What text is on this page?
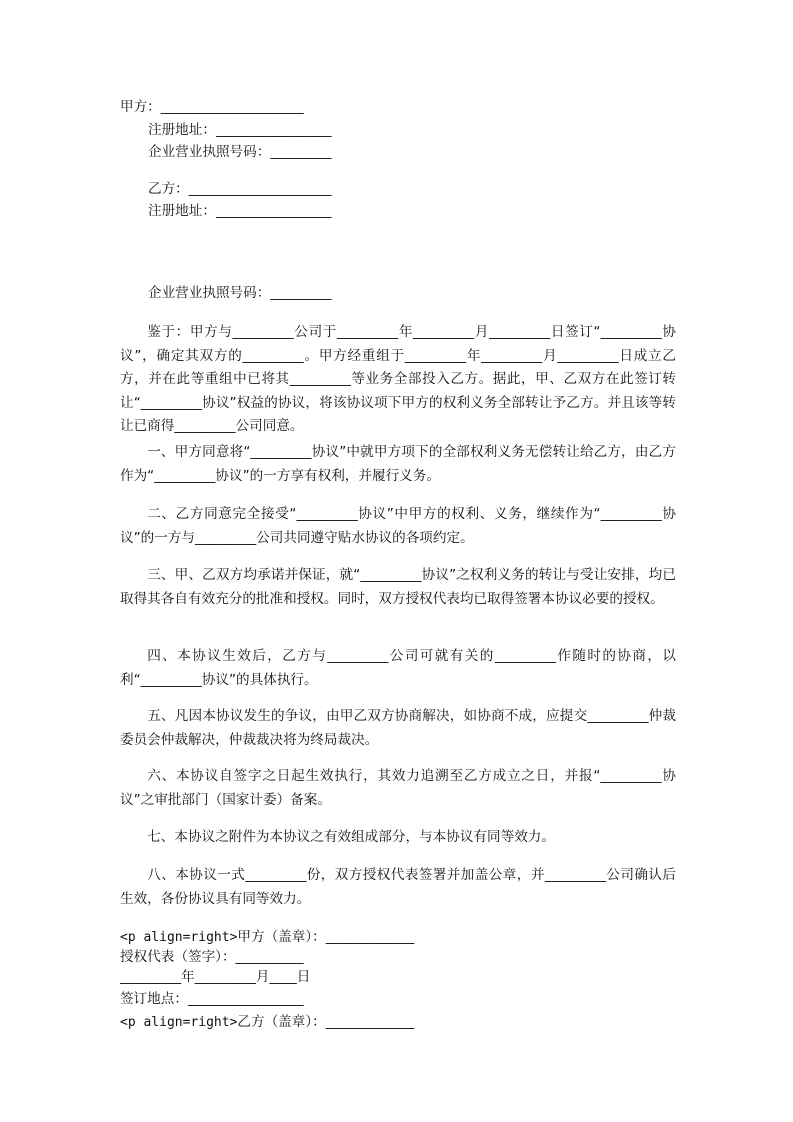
甲方：_____________________

注册地址：_________________

企业营业执照号码：_________

乙方：_____________________

注册地址：_________________

企业营业执照号码：_________

鉴于：甲方与_________公司于_________年_________月_________日签订“_________协议”，确定其双方的_________。甲方经重组于_________年_________月_________日成立乙方，并在此等重组中已将其_________等业务全部投入乙方。据此，甲、乙双方在此签订转让“_________协议”权益的协议，将该协议项下甲方的权利义务全部转让予乙方。并且该等转让已商得_________公司同意。

一、甲方同意将“_________协议”中就甲方项下的全部权利义务无偿转让给乙方，由乙方作为“_________协议”的一方享有权利，并履行义务。

二、乙方同意完全接受“_________协议”中甲方的权利、义务，继续作为“_________协议”的一方与_________公司共同遵守贴水协议的各项约定。

三、甲、乙双方均承诺并保证，就“_________协议”之权利义务的转让与受让安排，均已取得其各自有效充分的批准和授权。同时，双方授权代表均已取得签署本协议必要的授权。

四、本协议生效后，乙方与_________公司可就有关的_________作随时的协商，以利“_________协议”的具体执行。

五、凡因本协议发生的争议，由甲乙双方协商解决，如协商不成，应提交_________仲裁委员会仲裁解决，仲裁裁决将为终局裁决。

六、本协议自签字之日起生效执行，其效力追溯至乙方成立之日，并报“_________协议”之审批部门（国家计委）备案。

七、本协议之附件为本协议之有效组成部分，与本协议有同等效力。

八、本协议一式_________份，双方授权代表签署并加盖公章，并_________公司确认后生效，各份协议具有同等效力。

<p align=right>甲方（盖章）：_____________

授权代表（签字）：__________

_________年_________月____日

签订地点：_________________

<p align=right>乙方（盖章）：_____________
